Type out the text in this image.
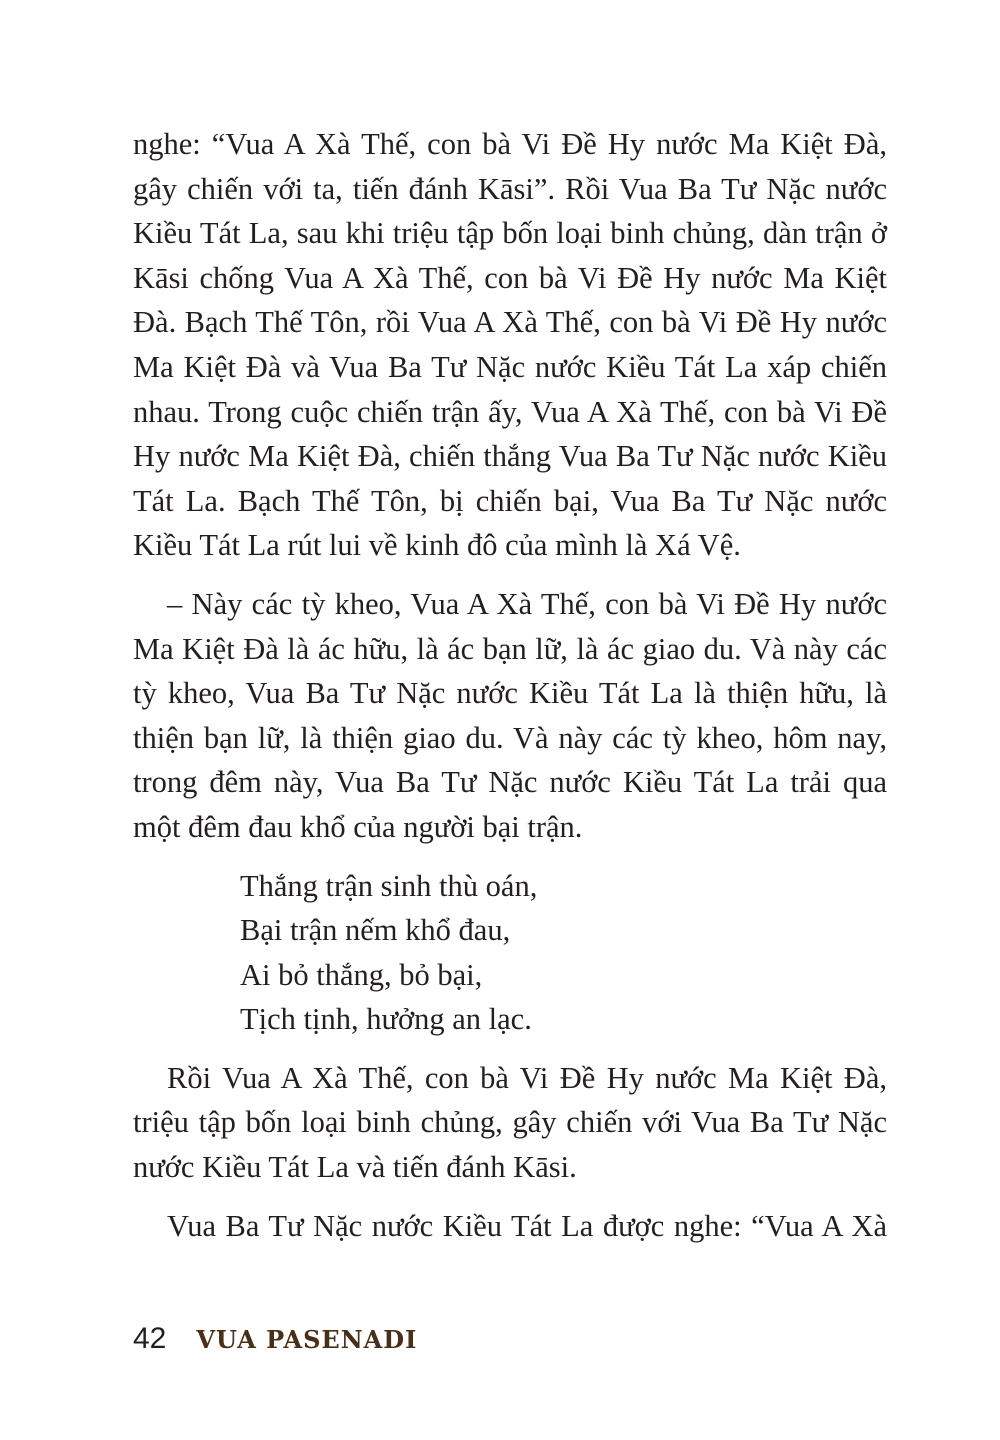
nghe: “Vua A Xà Thế, con bà Vi Đề Hy nước Ma Kiệt Đà, gây chiến với ta, tiến đánh Kāsi”. Rồi Vua Ba Tư Nặc nước Kiều Tát La, sau khi triệu tập bốn loại binh chủng, dàn trận ở Kāsi chống Vua A Xà Thế, con bà Vi Đề Hy nước Ma Kiệt Đà. Bạch Thế Tôn, rồi Vua A Xà Thế, con bà Vi Đề Hy nước Ma Kiệt Đà và Vua Ba Tư Nặc nước Kiều Tát La xáp chiến nhau. Trong cuộc chiến trận ấy, Vua A Xà Thế, con bà Vi Đề Hy nước Ma Kiệt Đà, chiến thắng Vua Ba Tư Nặc nước Kiều Tát La. Bạch Thế Tôn, bị chiến bại, Vua Ba Tư Nặc nước Kiều Tát La rút lui về kinh đô của mình là Xá Vệ.

– Này các tỳ kheo, Vua A Xà Thế, con bà Vi Đề Hy nước Ma Kiệt Đà là ác hữu, là ác bạn lữ, là ác giao du. Và này các tỳ kheo, Vua Ba Tư Nặc nước Kiều Tát La là thiện hữu, là thiện bạn lữ, là thiện giao du. Và này các tỳ kheo, hôm nay, trong đêm này, Vua Ba Tư Nặc nước Kiều Tát La trải qua một đêm đau khổ của người bại trận.

Thắng trận sinh thù oán,
Bại trận nếm khổ đau,
Ai bỏ thắng, bỏ bại,
Tịch tịnh, hưởng an lạc.

Rồi Vua A Xà Thế, con bà Vi Đề Hy nước Ma Kiệt Đà, triệu tập bốn loại binh chủng, gây chiến với Vua Ba Tư Nặc nước Kiều Tát La và tiến đánh Kāsi.

Vua Ba Tư Nặc nước Kiều Tát La được nghe: “Vua A Xà

42 VUA PASENADI
